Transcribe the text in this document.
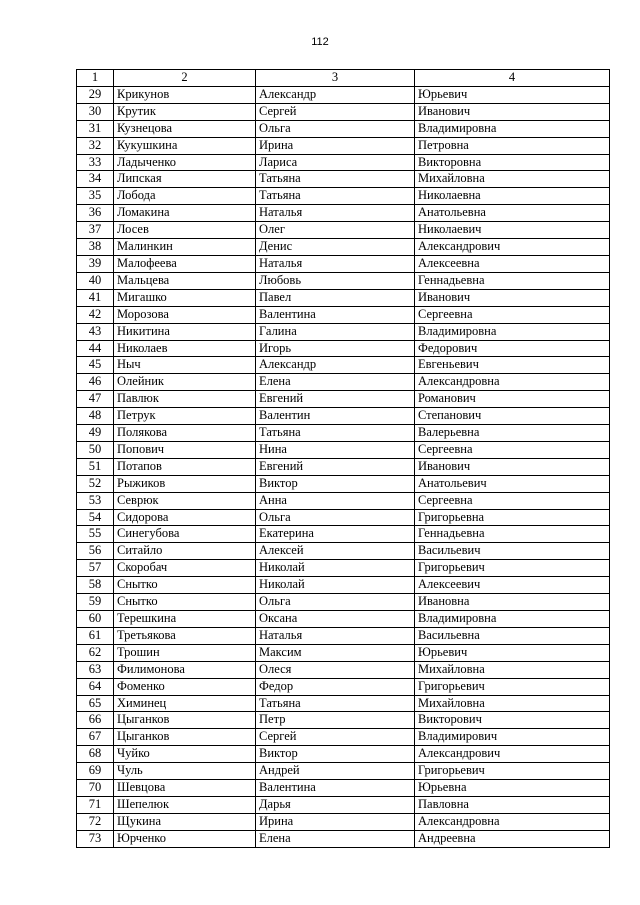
112
1	2	3	4
29	Крикунов	Александр	Юрьевич
30	Крутик	Сергей	Иванович
31	Кузнецова	Ольга	Владимировна
32	Кукушкина	Ирина	Петровна
33	Ладыченко	Лариса	Викторовна
34	Липская	Татьяна	Михайловна
35	Лобода	Татьяна	Николаевна
36	Ломакина	Наталья	Анатольевна
37	Лосев	Олег	Николаевич
38	Малинкин	Денис	Александрович
39	Малофеева	Наталья	Алексеевна
40	Мальцева	Любовь	Геннадьевна
41	Мигашко	Павел	Иванович
42	Морозова	Валентина	Сергеевна
43	Никитина	Галина	Владимировна
44	Николаев	Игорь	Федорович
45	Ныч	Александр	Евгеньевич
46	Олейник	Елена	Александровна
47	Павлюк	Евгений	Романович
48	Петрук	Валентин	Степанович
49	Полякова	Татьяна	Валерьевна
50	Попович	Нина	Сергеевна
51	Потапов	Евгений	Иванович
52	Рыжиков	Виктор	Анатольевич
53	Севрюк	Анна	Сергеевна
54	Сидорова	Ольга	Григорьевна
55	Синегубова	Екатерина	Геннадьевна
56	Ситайло	Алексей	Васильевич
57	Скоробач	Николай	Григорьевич
58	Снытко	Николай	Алексеевич
59	Снытко	Ольга	Ивановна
60	Терешкина	Оксана	Владимировна
61	Третьякова	Наталья	Васильевна
62	Трошин	Максим	Юрьевич
63	Филимонова	Олеся	Михайловна
64	Фоменко	Федор	Григорьевич
65	Химинец	Татьяна	Михайловна
66	Цыганков	Петр	Викторович
67	Цыганков	Сергей	Владимирович
68	Чуйко	Виктор	Александрович
69	Чуль	Андрей	Григорьевич
70	Шевцова	Валентина	Юрьевна
71	Шепелюк	Дарья	Павловна
72	Щукина	Ирина	Александровна
73	Юрченко	Елена	Андреевна
